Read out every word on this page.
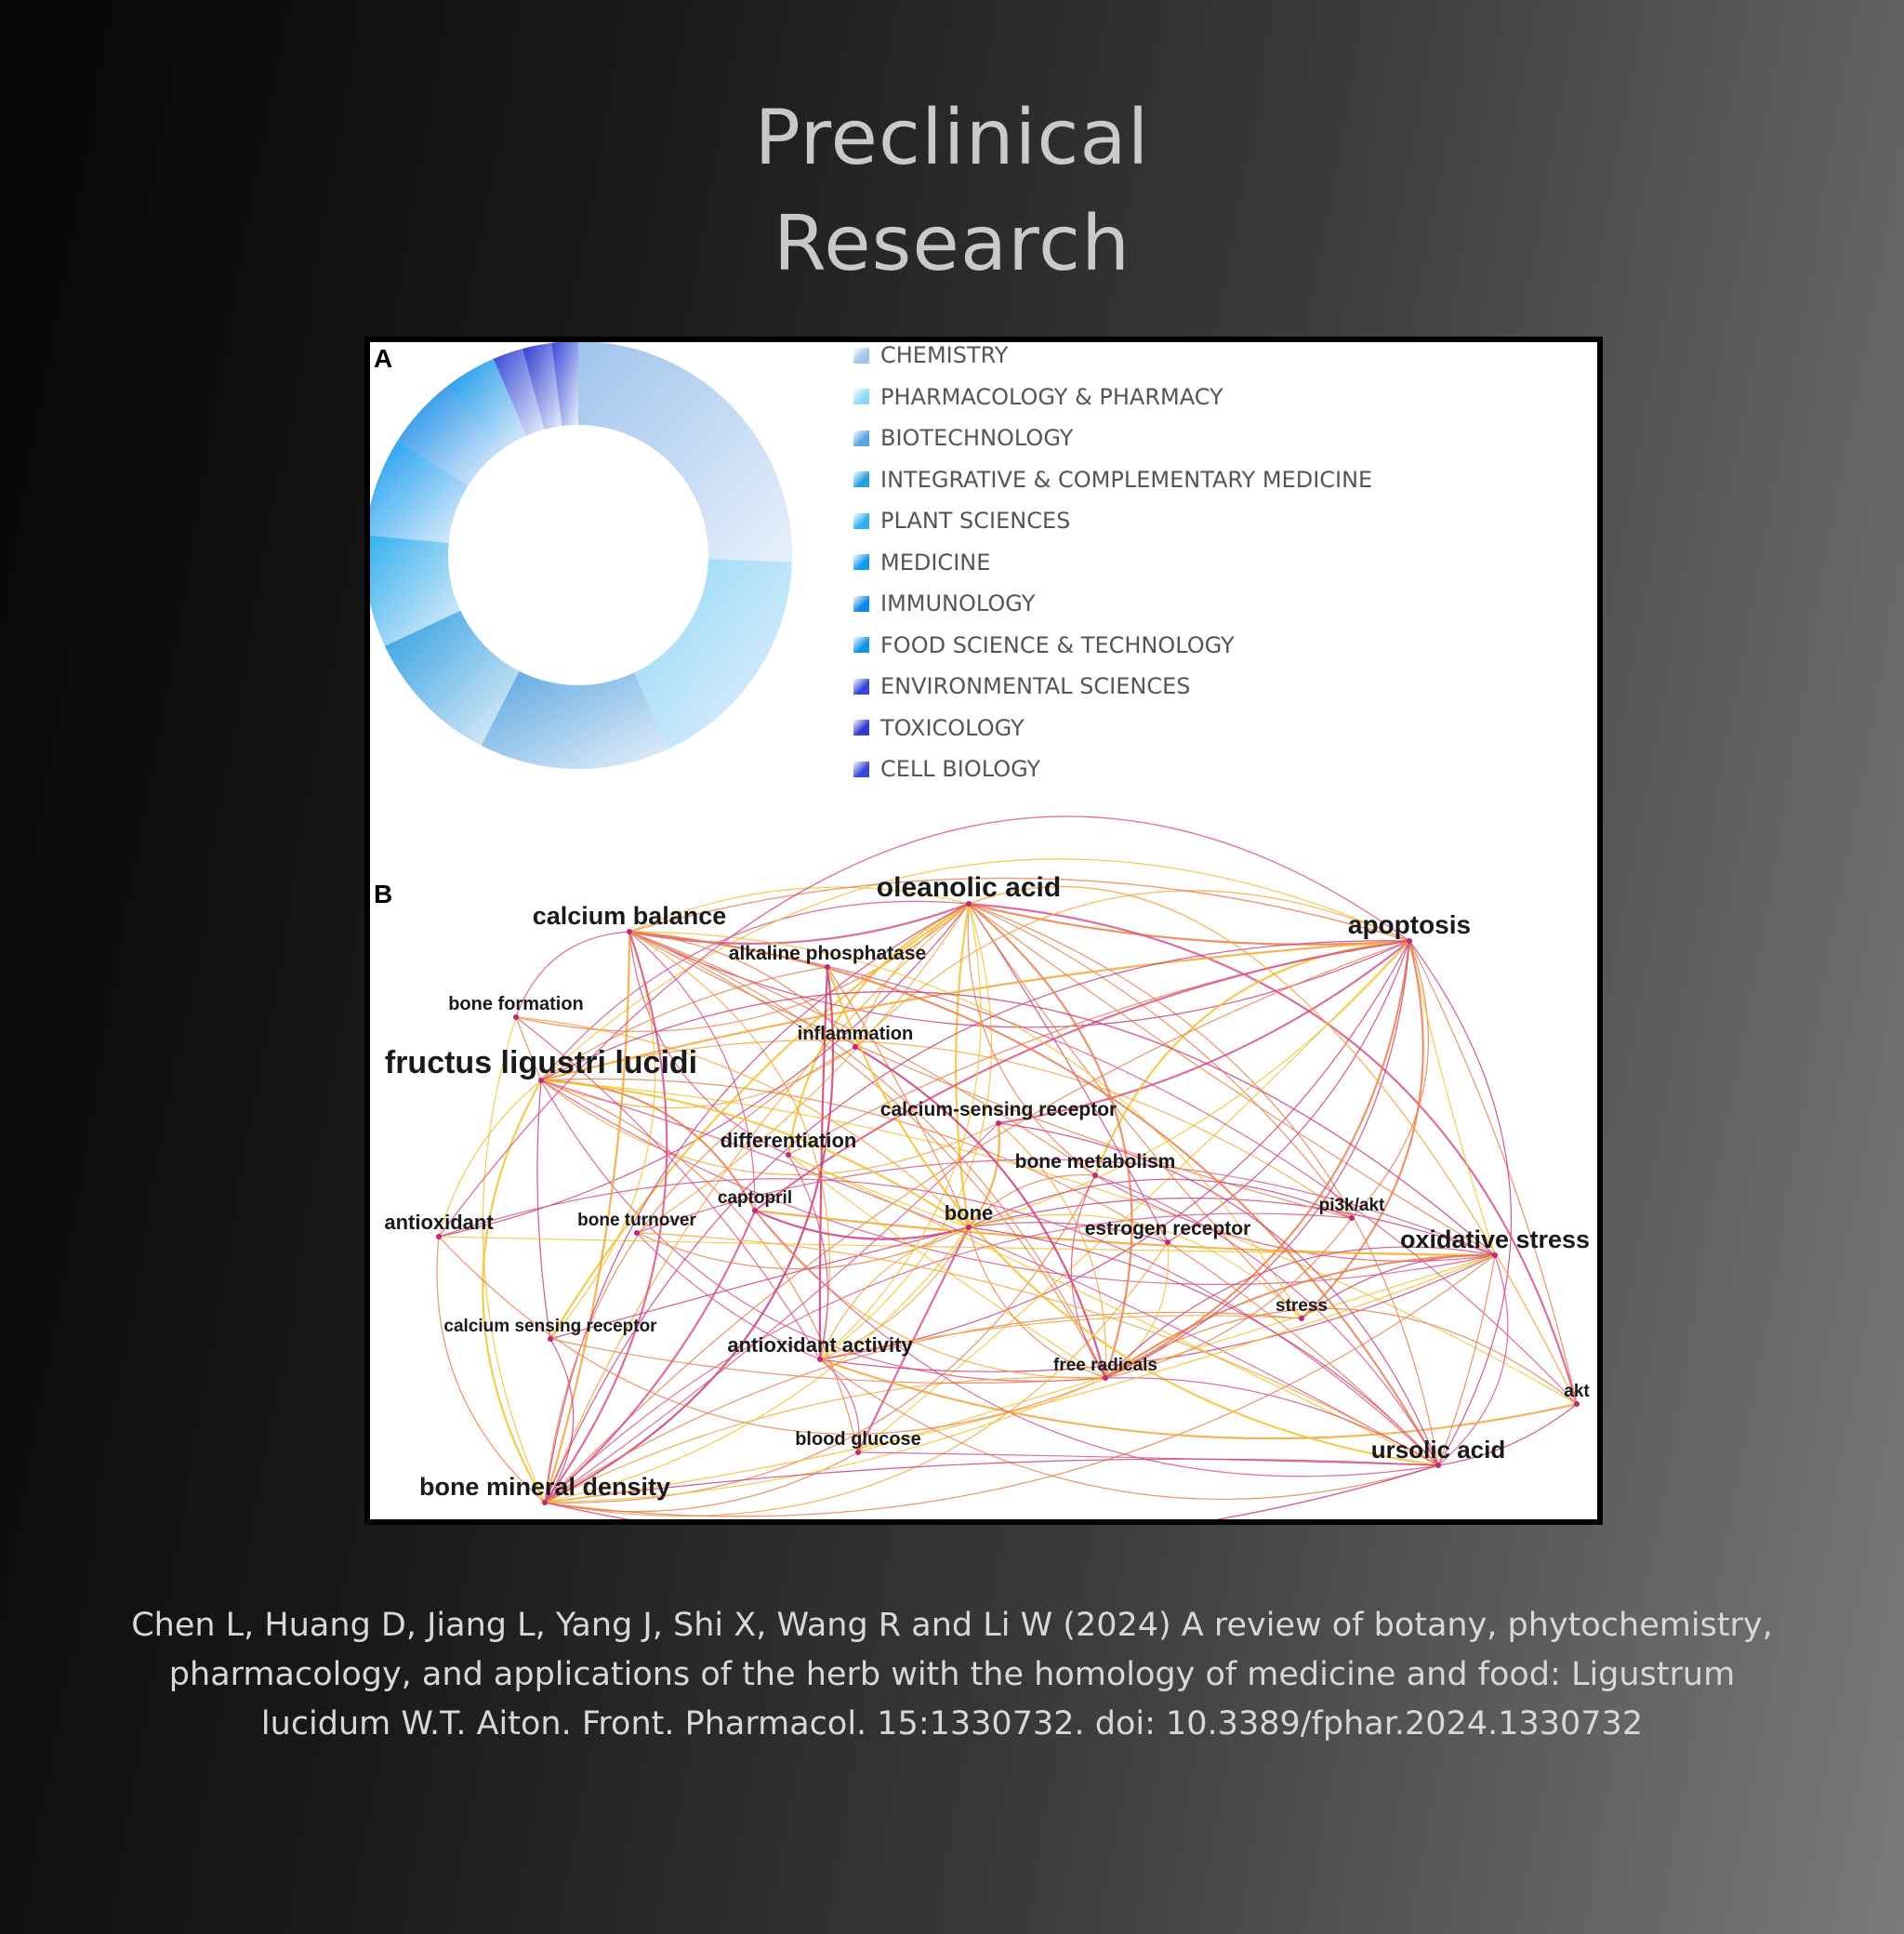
Preclinical
Research
oleanolic acid
calcium balance	apoptosis
alkaline phosphatase
bone formation
inflammation
fructus ligustri lucidi
calcium-sensing receptor
differentiation
bone metabolism
captopril
antioxidant	bone turnover	bone
estrogen receptor
pi3k/akt
oxidative stress
stress
calcium sensing receptor
antioxidant activity
free radicals
akt
blood glucose	ursolic acid
bone mineral density
A
B
CHEMISTRY
PHARMACOLOGY & PHARMACY
BIOTECHNOLOGY
INTEGRATIVE & COMPLEMENTARY MEDICINE
PLANT SCIENCES
MEDICINE
IMMUNOLOGY
FOOD SCIENCE & TECHNOLOGY
ENVIRONMENTAL SCIENCES
TOXICOLOGY
CELL BIOLOGY
Chen L, Huang D, Jiang L, Yang J, Shi X, Wang R and Li W (2024) A review of botany, phytochemistry, pharmacology, and applications of the herb with the homology of medicine and food: Ligustrum lucidum W.T. Aiton. Front. Pharmacol. 15:1330732. doi: 10.3389/fphar.2024.1330732
